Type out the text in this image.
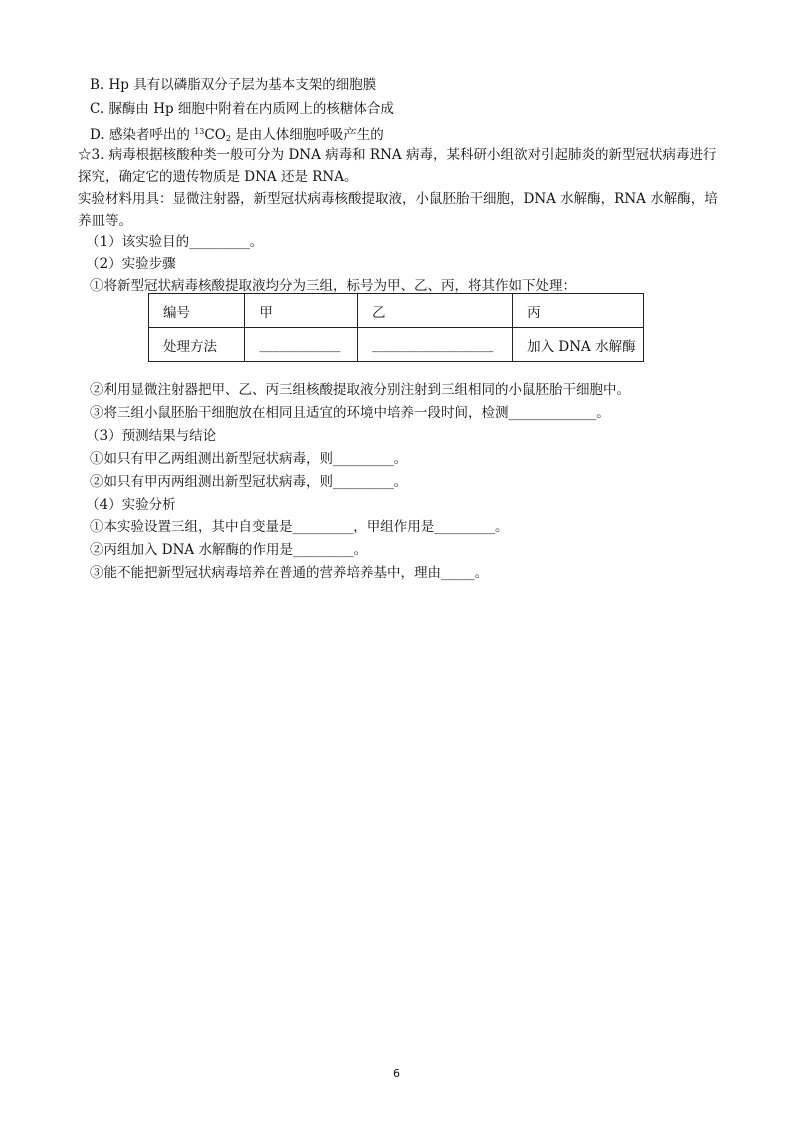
B. Hp 具有以磷脂双分子层为基本支架的细胞膜
C. 脲酶由 Hp 细胞中附着在内质网上的核糖体合成
D. 感染者呼出的 $^{13}CO_2$ 是由人体细胞呼吸产生的
☆3. 病毒根据核酸种类一般可分为 DNA 病毒和 RNA 病毒，某科研小组欲对引起肺炎的新型冠状病毒进行
探究，确定它的遗传物质是 DNA 还是 RNA。
实验材料用具：显微注射器，新型冠状病毒核酸提取液，小鼠胚胎干细胞，DNA 水解酶，RNA 水解酶，培
养皿等。
（1）该实验目的_________。
（2）实验步骤
①将新型冠状病毒核酸提取液均分为三组，标号为甲、乙、丙，将其作如下处理：
编号	甲	乙	丙
处理方法	____________	__________________	加入 DNA 水解酶
②利用显微注射器把甲、乙、丙三组核酸提取液分别注射到三组相同的小鼠胚胎干细胞中。
③将三组小鼠胚胎干细胞放在相同且适宜的环境中培养一段时间，检测_____________。
（3）预测结果与结论
①如只有甲乙两组测出新型冠状病毒，则_________。
②如只有甲丙两组测出新型冠状病毒，则_________。
（4）实验分析
①本实验设置三组，其中自变量是_________，甲组作用是_________。
②丙组加入 DNA 水解酶的作用是_________。
③能不能把新型冠状病毒培养在普通的营养培养基中，理由_____。
6
